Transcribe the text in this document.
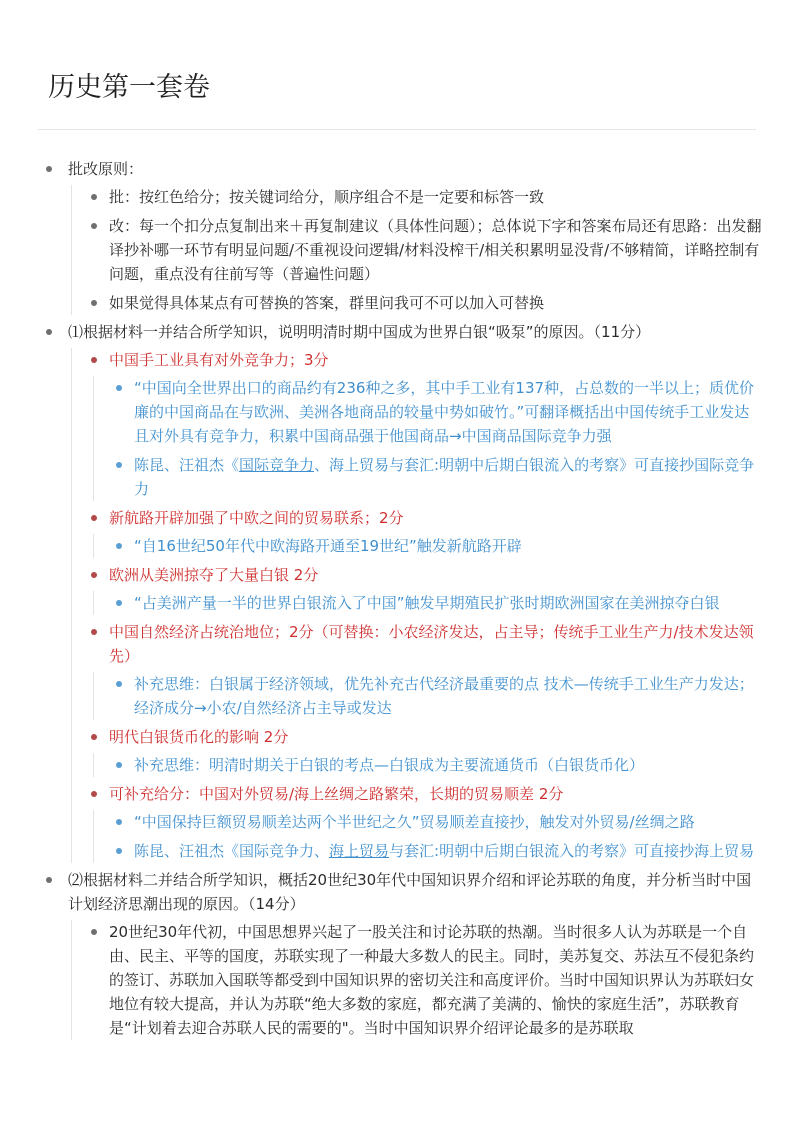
历史第一套卷
批改原则：
批：按红色给分；按关键词给分，顺序组合不是一定要和标答一致
改：每一个扣分点复制出来＋再复制建议（具体性问题）；总体说下字和答案布局还有思路：出发翻译抄补哪一环节有明显问题/不重视设问逻辑/材料没榨干/相关积累明显没背/不够精简，详略控制有问题，重点没有往前写等（普遍性问题）
如果觉得具体某点有可替换的答案，群里问我可不可以加入可替换
⑴根据材料一并结合所学知识，说明明清时期中国成为世界白银“吸泵”的原因。（11分）
中国手工业具有对外竞争力；3分
“中国向全世界出口的商品约有236种之多，其中手工业有137种，占总数的一半以上；质优价廉的中国商品在与欧洲、美洲各地商品的较量中势如破竹。”可翻译概括出中国传统手工业发达且对外具有竞争力，积累中国商品强于他国商品→中国商品国际竞争力强
陈昆、汪祖杰《国际竞争力、海上贸易与套汇:明朝中后期白银流入的考察》可直接抄国际竞争力
新航路开辟加强了中欧之间的贸易联系；2分
“自16世纪50年代中欧海路开通至19世纪”触发新航路开辟
欧洲从美洲掠夺了大量白银 2分
“占美洲产量一半的世界白银流入了中国”触发早期殖民扩张时期欧洲国家在美洲掠夺白银
中国自然经济占统治地位；2分（可替换：小农经济发达，占主导；传统手工业生产力/技术发达领先）
补充思维：白银属于经济领域，优先补充古代经济最重要的点 技术—传统手工业生产力发达；经济成分→小农/自然经济占主导或发达
明代白银货币化的影响 2分
补充思维：明清时期关于白银的考点—白银成为主要流通货币（白银货币化）
可补充给分：中国对外贸易/海上丝绸之路繁荣，长期的贸易顺差 2分
“中国保持巨额贸易顺差达两个半世纪之久”贸易顺差直接抄，触发对外贸易/丝绸之路
陈昆、汪祖杰《国际竞争力、海上贸易与套汇:明朝中后期白银流入的考察》可直接抄海上贸易
⑵根据材料二并结合所学知识，概括20世纪30年代中国知识界介绍和评论苏联的角度，并分析当时中国计划经济思潮出现的原因。（14分）
20世纪30年代初，中国思想界兴起了一股关注和讨论苏联的热潮。当时很多人认为苏联是一个自由、民主、平等的国度，苏联实现了一种最大多数人的民主。同时，美苏复交、苏法互不侵犯条约的签订、苏联加入国联等都受到中国知识界的密切关注和高度评价。当时中国知识界认为苏联妇女地位有较大提高，并认为苏联“绝大多数的家庭，都充满了美满的、愉快的家庭生活”，苏联教育是“计划着去迎合苏联人民的需要的"。当时中国知识界介绍评论最多的是苏联取
